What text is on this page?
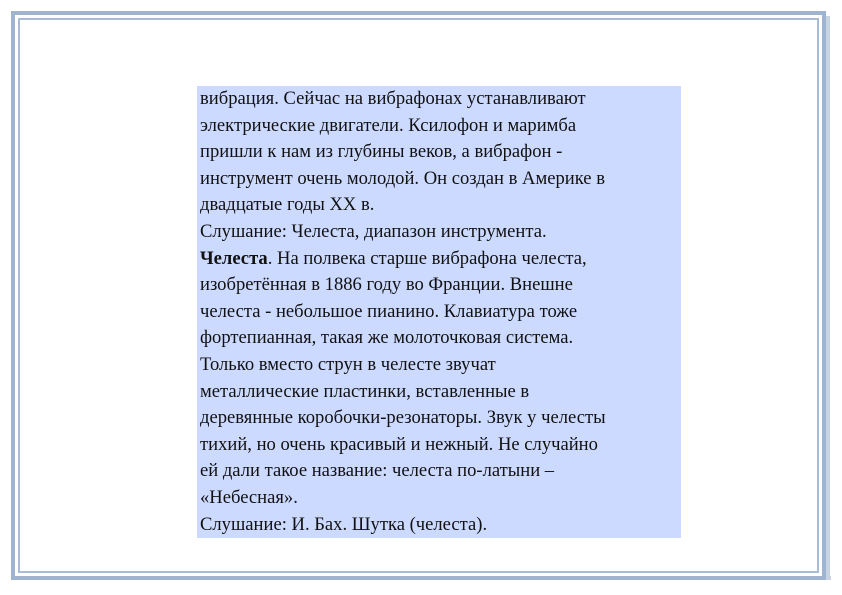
вибрация. Сейчас на вибрафонах устанавливают

электрические двигатели. Ксилофон и маримба

пришли к нам из глубины веков, а вибрафон -

инструмент очень молодой. Он создан в Америке в

двадцатые годы XX в.

Слушание: Челеста, диапазон инструмента.

Челеста. На полвека старше вибрафона челеста,

изобретённая в 1886 году во Франции. Внешне

челеста - небольшое пианино. Клавиатура тоже

фортепианная, такая же молоточковая система.

Только вместо струн в челесте звучат

металлические пластинки, вставленные в

деревянные коробочки-резонаторы. Звук у челесты

тихий, но очень красивый и нежный. Не случайно

ей дали такое название: челеста по-латыни –

«Небесная».

Слушание: И. Бах. Шутка (челеста).
